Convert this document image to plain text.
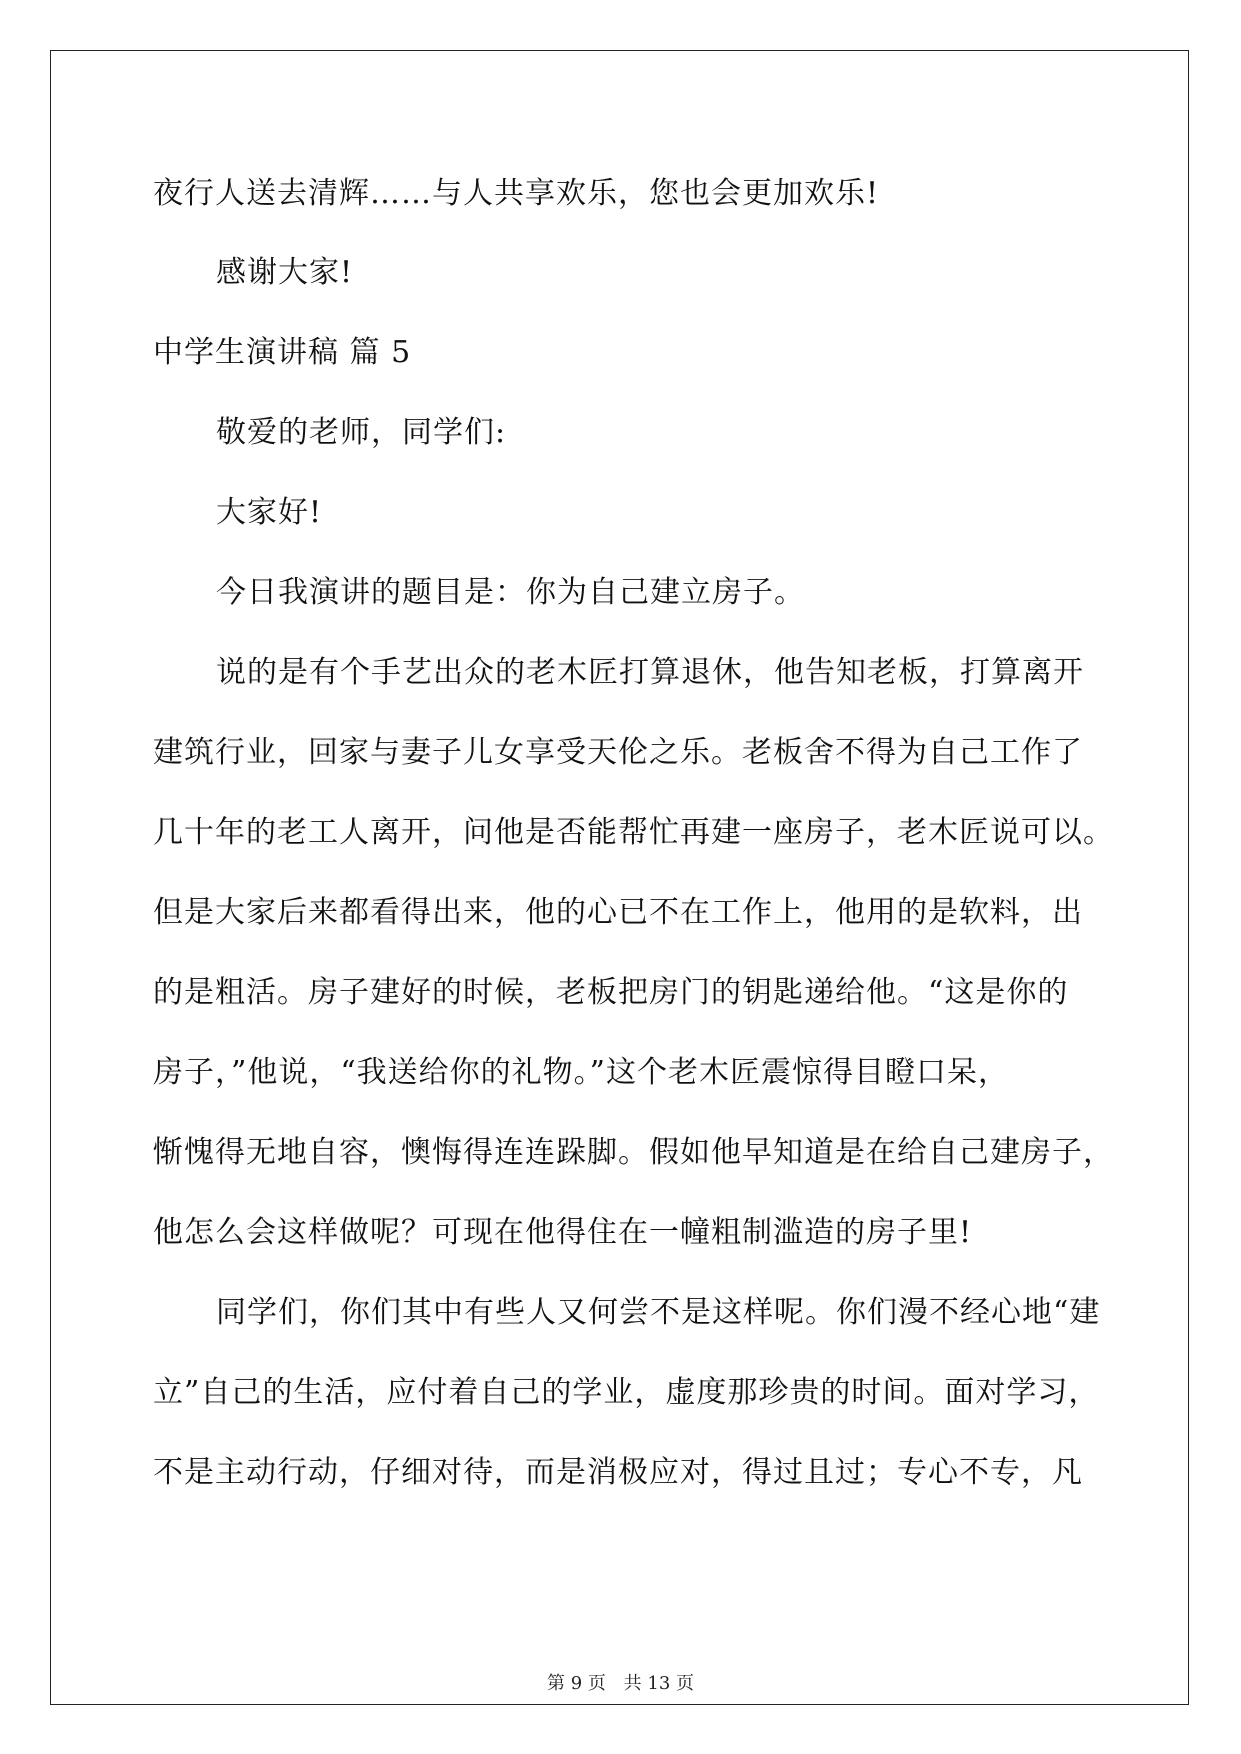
夜行人送去清辉……与人共享欢乐，您也会更加欢乐!
感谢大家!
中学生演讲稿 篇 5
敬爱的老师，同学们:
大家好!
今日我演讲的题目是：你为自己建立房子。
说的是有个手艺出众的老木匠打算退休，他告知老板，打算离开
建筑行业，回家与妻子儿女享受天伦之乐。老板舍不得为自己工作了
几十年的老工人离开，问他是否能帮忙再建一座房子，老木匠说可以。
但是大家后来都看得出来，他的心已不在工作上，他用的是软料，出
的是粗活。房子建好的时候，老板把房门的钥匙递给他。“这是你的
房子，”他说，“我送给你的礼物。”这个老木匠震惊得目瞪口呆，
惭愧得无地自容，懊悔得连连跺脚。假如他早知道是在给自己建房子，
他怎么会这样做呢？可现在他得住在一幢粗制滥造的房子里!
同学们，你们其中有些人又何尝不是这样呢。你们漫不经心地“建
立”自己的生活，应付着自己的学业，虚度那珍贵的时间。面对学习，
不是主动行动，仔细对待，而是消极应对，得过且过；专心不专，凡
第 9 页 共 13 页
